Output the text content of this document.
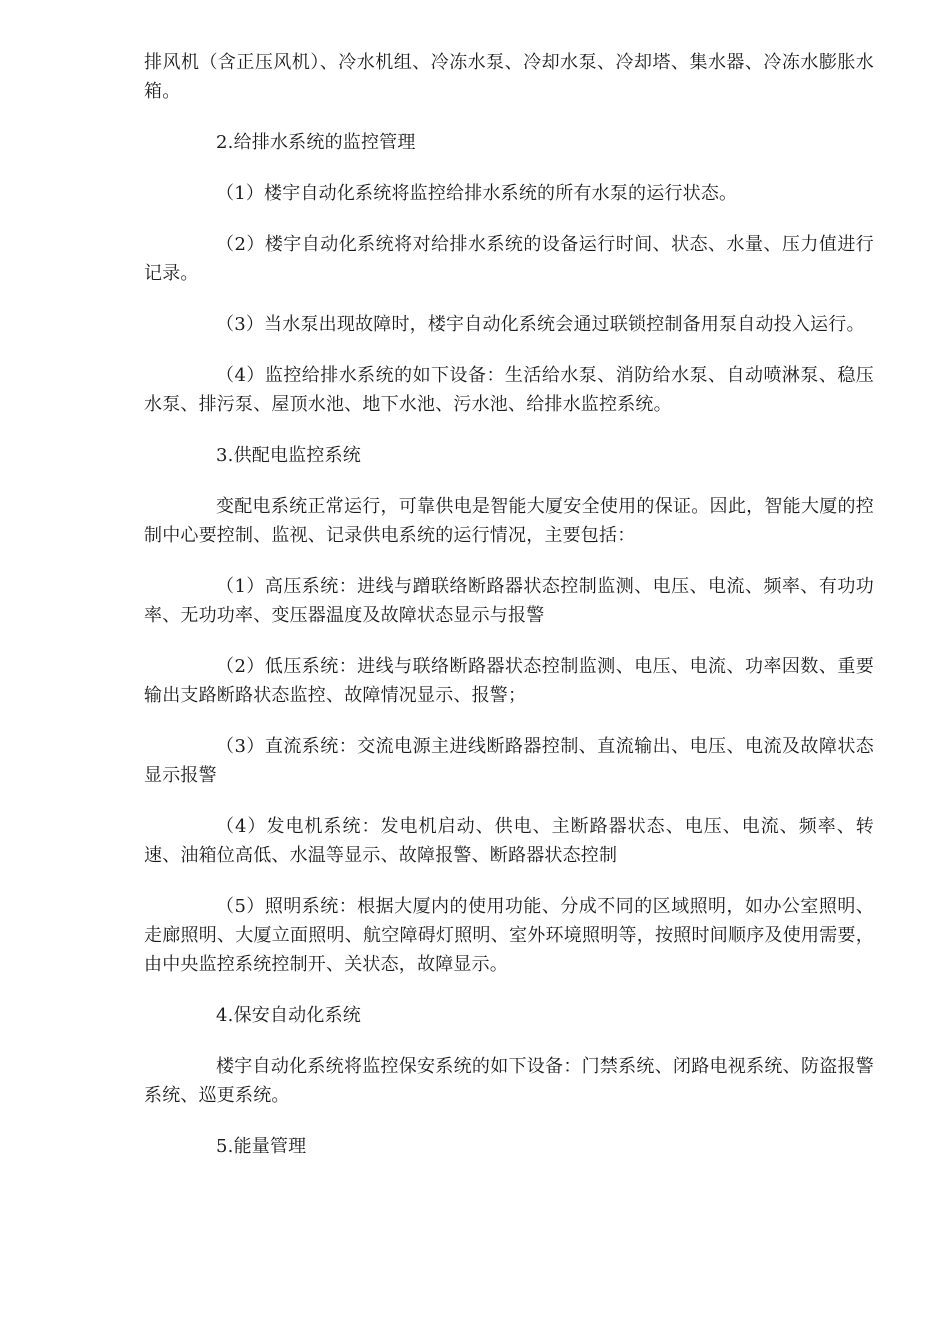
排风机（含正压风机）、冷水机组、冷冻水泵、冷却水泵、冷却塔、集水器、冷冻水膨胀水箱。

2.给排水系统的监控管理

（1）楼宇自动化系统将监控给排水系统的所有水泵的运行状态。

（2）楼宇自动化系统将对给排水系统的设备运行时间、状态、水量、压力值进行记录。

（3）当水泵出现故障时，楼宇自动化系统会通过联锁控制备用泵自动投入运行。

（4）监控给排水系统的如下设备：生活给水泵、消防给水泵、自动喷淋泵、稳压水泵、排污泵、屋顶水池、地下水池、污水池、给排水监控系统。

3.供配电监控系统

变配电系统正常运行，可靠供电是智能大厦安全使用的保证。因此，智能大厦的控制中心要控制、监视、记录供电系统的运行情况，主要包括：

（1）高压系统：进线与蹭联络断路器状态控制监测、电压、电流、频率、有功功率、无功功率、变压器温度及故障状态显示与报警

（2）低压系统：进线与联络断路器状态控制监测、电压、电流、功率因数、重要输出支路断路状态监控、故障情况显示、报警；

（3）直流系统：交流电源主进线断路器控制、直流输出、电压、电流及故障状态显示报警

（4）发电机系统：发电机启动、供电、主断路器状态、电压、电流、频率、转速、油箱位高低、水温等显示、故障报警、断路器状态控制

（5）照明系统：根据大厦内的使用功能、分成不同的区域照明，如办公室照明、走廊照明、大厦立面照明、航空障碍灯照明、室外环境照明等，按照时间顺序及使用需要，由中央监控系统控制开、关状态，故障显示。

4.保安自动化系统

楼宇自动化系统将监控保安系统的如下设备：门禁系统、闭路电视系统、防盗报警系统、巡更系统。

5.能量管理
